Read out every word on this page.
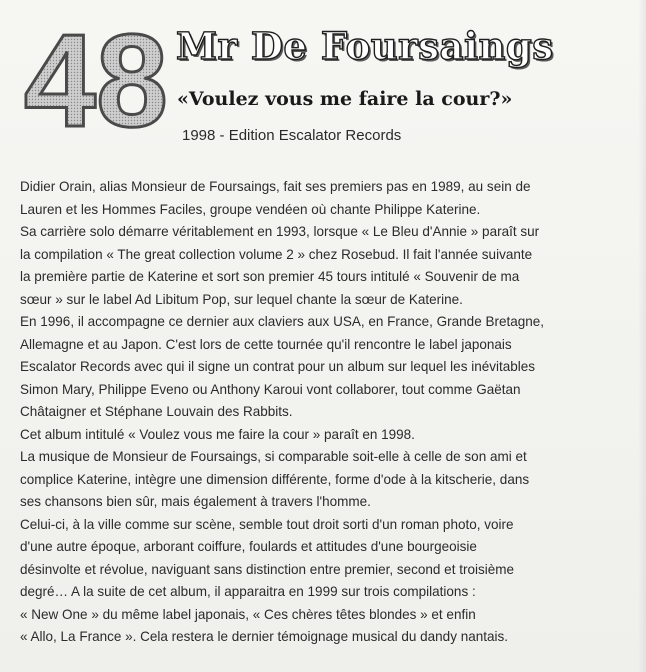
48 Mr De Foursaings
«Voulez vous me faire la cour?»
1998 - Edition Escalator Records
Didier Orain, alias Monsieur de Foursaings, fait ses premiers pas en 1989, au sein de Lauren et les Hommes Faciles, groupe vendéen où chante Philippe Katerine. Sa carrière solo démarre véritablement en 1993, lorsque « Le Bleu d'Annie » paraît sur la compilation « The great collection volume 2 » chez Rosebud. Il fait l'année suivante la première partie de Katerine et sort son premier 45 tours intitulé « Souvenir de ma sœur » sur le label Ad Libitum Pop, sur lequel chante la sœur de Katerine. En 1996, il accompagne ce dernier aux claviers aux USA, en France, Grande Bretagne, Allemagne et au Japon. C'est lors de cette tournée qu'il rencontre le label japonais Escalator Records avec qui il signe un contrat pour un album sur lequel les inévitables Simon Mary, Philippe Eveno ou Anthony Karoui vont collaborer, tout comme Gaëtan Châtaigner et Stéphane Louvain des Rabbits. Cet album intitulé « Voulez vous me faire la cour » paraît en 1998. La musique de Monsieur de Foursaings, si comparable soit-elle à celle de son ami et complice Katerine, intègre une dimension différente, forme d'ode à la kitscherie, dans ses chansons bien sûr, mais également à travers l'homme. Celui-ci, à la ville comme sur scène, semble tout droit sorti d'un roman photo, voire d'une autre époque, arborant coiffure, foulards et attitudes d'une bourgeoisie désinvolte et révolue, naviguant sans distinction entre premier, second et troisième degré… A la suite de cet album, il apparaitra en 1999 sur trois compilations : « New One » du même label japonais, « Ces chères têtes blondes » et enfin « Allo, La France ». Cela restera le dernier témoignage musical du dandy nantais.
